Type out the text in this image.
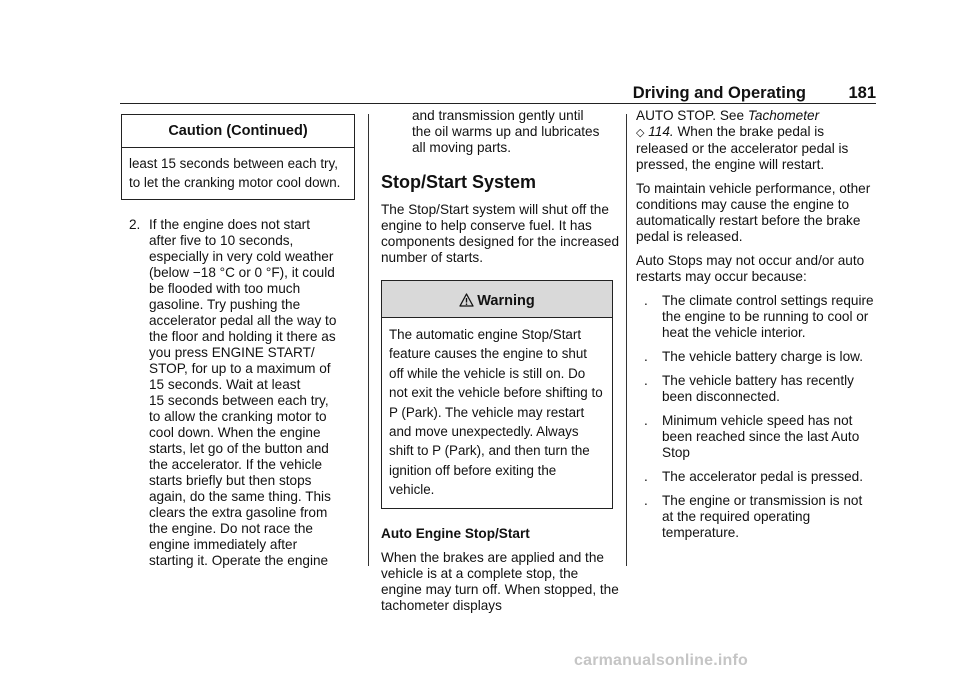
Driving and Operating	181
Caution (Continued)
least 15 seconds between each try, to let the cranking motor cool down.
2. If the engine does not start
after five to 10 seconds,
especially in very cold weather
(below −18 °C or 0 °F), it could
be flooded with too much
gasoline. Try pushing the
accelerator pedal all the way to
the floor and holding it there as
you press ENGINE START/
STOP, for up to a maximum of
15 seconds. Wait at least
15 seconds between each try,
to allow the cranking motor to
cool down. When the engine
starts, let go of the button and
the accelerator. If the vehicle
starts briefly but then stops
again, do the same thing. This
clears the extra gasoline from
the engine. Do not race the
engine immediately after
starting it. Operate the engine
and transmission gently until
the oil warms up and lubricates
all moving parts.
Stop/Start System

The Stop/Start system will shut off the engine to help conserve fuel. It has components designed for the increased number of starts.

Warning
The automatic engine Stop/Start feature causes the engine to shut off while the vehicle is still on. Do not exit the vehicle before shifting to P (Park). The vehicle may restart and move unexpectedly. Always shift to P (Park), and then turn the ignition off before exiting the vehicle.
Auto Engine Stop/Start

When the brakes are applied and the vehicle is at a complete stop, the engine may turn off. When stopped, the tachometer displays

AUTO STOP. See Tachometer
◇ 114. When the brake pedal is released or the accelerator pedal is pressed, the engine will restart.

To maintain vehicle performance, other conditions may cause the engine to automatically restart before the brake pedal is released.

Auto Stops may not occur and/or auto restarts may occur because:

. The climate control settings require the engine to be running to cool or heat the vehicle interior.
. The vehicle battery charge is low.
. The vehicle battery has recently been disconnected.
. Minimum vehicle speed has not been reached since the last Auto Stop
. The accelerator pedal is pressed.
. The engine or transmission is not at the required operating temperature.
carmanualsonline.info
